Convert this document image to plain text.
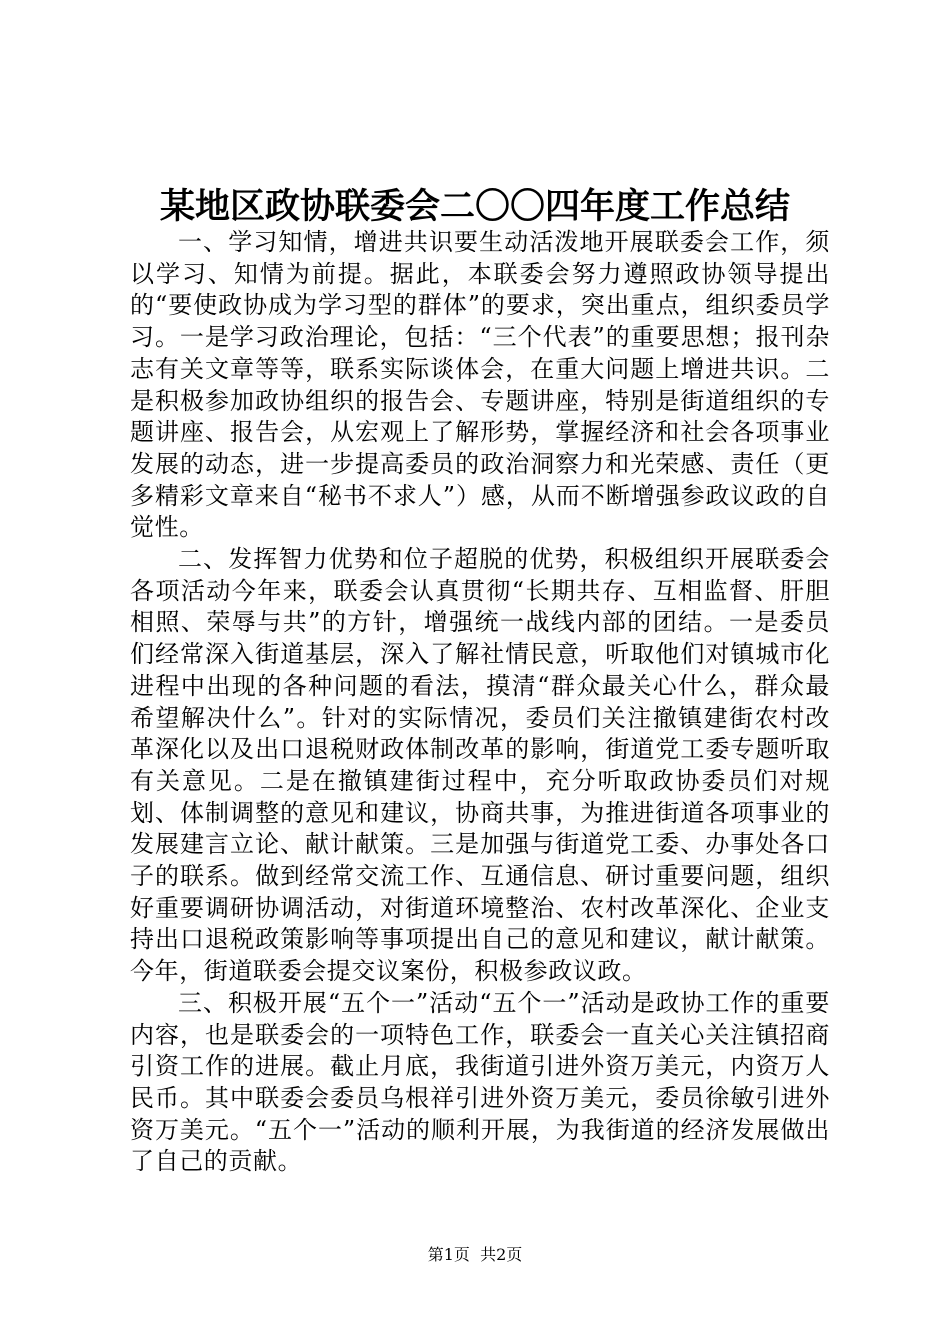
某地区政协联委会二〇〇四年度工作总结

一、学习知情，增进共识要生动活泼地开展联委会工作，须以学习、知情为前提。据此，本联委会努力遵照政协领导提出的“要使政协成为学习型的群体”的要求，突出重点，组织委员学习。一是学习政治理论，包括：“三个代表”的重要思想；报刊杂志有关文章等等，联系实际谈体会，在重大问题上增进共识。二是积极参加政协组织的报告会、专题讲座，特别是街道组织的专题讲座、报告会，从宏观上了解形势，掌握经济和社会各项事业发展的动态，进一步提高委员的政治洞察力和光荣感、责任（更多精彩文章来自“秘书不求人”）感，从而不断增强参政议政的自觉性。

二、发挥智力优势和位子超脱的优势，积极组织开展联委会各项活动今年来，联委会认真贯彻“长期共存、互相监督、肝胆相照、荣辱与共”的方针，增强统一战线内部的团结。一是委员们经常深入街道基层，深入了解社情民意，听取他们对镇城市化进程中出现的各种问题的看法，摸清“群众最关心什么，群众最希望解决什么”。针对的实际情况，委员们关注撤镇建街农村改革深化以及出口退税财政体制改革的影响，街道党工委专题听取有关意见。二是在撤镇建街过程中，充分听取政协委员们对规划、体制调整的意见和建议，协商共事，为推进街道各项事业的发展建言立论、献计献策。三是加强与街道党工委、办事处各口子的联系。做到经常交流工作、互通信息、研讨重要问题，组织好重要调研协调活动，对街道环境整治、农村改革深化、企业支持出口退税政策影响等事项提出自己的意见和建议，献计献策。今年，街道联委会提交议案份，积极参政议政。

三、积极开展“五个一”活动“五个一”活动是政协工作的重要内容，也是联委会的一项特色工作，联委会一直关心关注镇招商引资工作的进展。截止月底，我街道引进外资万美元，内资万人民币。其中联委会委员乌根祥引进外资万美元，委员徐敏引进外资万美元。“五个一”活动的顺利开展，为我街道的经济发展做出了自己的贡献。

第1页  共2页
